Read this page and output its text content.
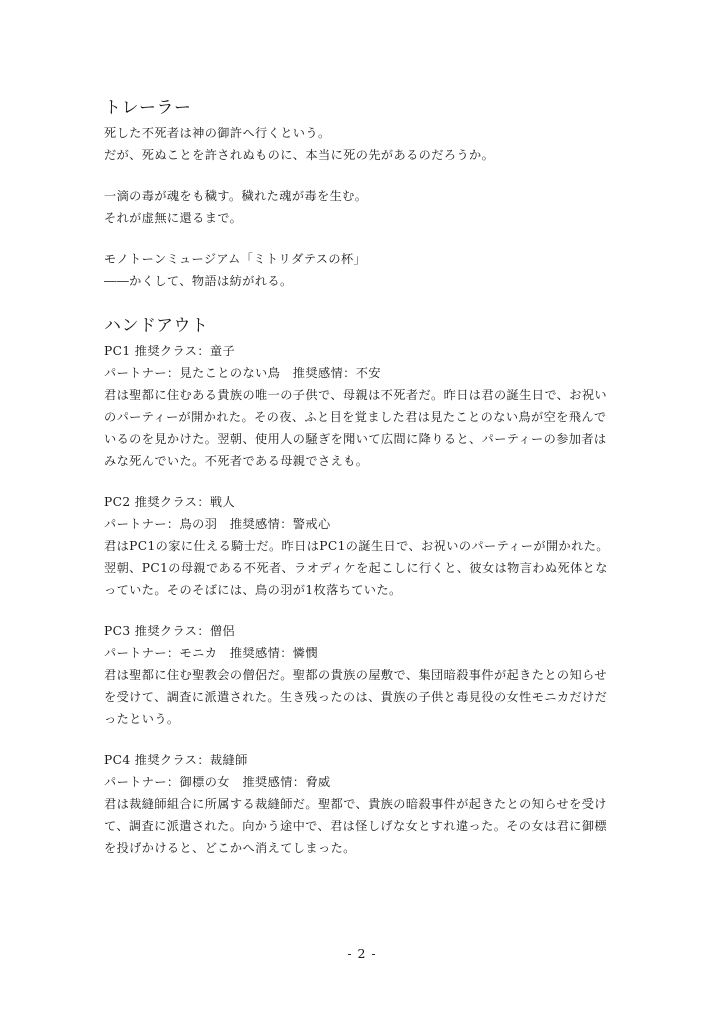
トレーラー
死した不死者は神の御許へ行くという。
だが、死ぬことを許されぬものに、本当に死の先があるのだろうか。
一滴の毒が魂をも穢す。穢れた魂が毒を生む。
それが虚無に還るまで。
モノトーンミュージアム「ミトリダテスの杯」
――かくして、物語は紡がれる。
ハンドアウト
PC1 推奨クラス：童子
パートナー：見たことのない鳥　推奨感情：不安
君は聖都に住むある貴族の唯一の子供で、母親は不死者だ。昨日は君の誕生日で、お祝い
のパーティーが開かれた。その夜、ふと目を覚ました君は見たことのない鳥が空を飛んで
いるのを見かけた。翌朝、使用人の騒ぎを聞いて広間に降りると、パーティーの参加者は
みな死んでいた。不死者である母親でさえも。
PC2 推奨クラス：戦人
パートナー：鳥の羽　推奨感情：警戒心
君はPC1の家に仕える騎士だ。昨日はPC1の誕生日で、お祝いのパーティーが開かれた。
翌朝、PC1の母親である不死者、ラオディケを起こしに行くと、彼女は物言わぬ死体とな
っていた。そのそばには、鳥の羽が1枚落ちていた。
PC3 推奨クラス：僧侶
パートナー：モニカ　推奨感情：憐憫
君は聖都に住む聖教会の僧侶だ。聖都の貴族の屋敷で、集団暗殺事件が起きたとの知らせ
を受けて、調査に派遣された。生き残ったのは、貴族の子供と毒見役の女性モニカだけだ
ったという。
PC4 推奨クラス：裁縫師
パートナー：御標の女　推奨感情：脅威
君は裁縫師組合に所属する裁縫師だ。聖都で、貴族の暗殺事件が起きたとの知らせを受け
て、調査に派遣された。向かう途中で、君は怪しげな女とすれ違った。その女は君に御標
を投げかけると、どこかへ消えてしまった。
- 2 -
